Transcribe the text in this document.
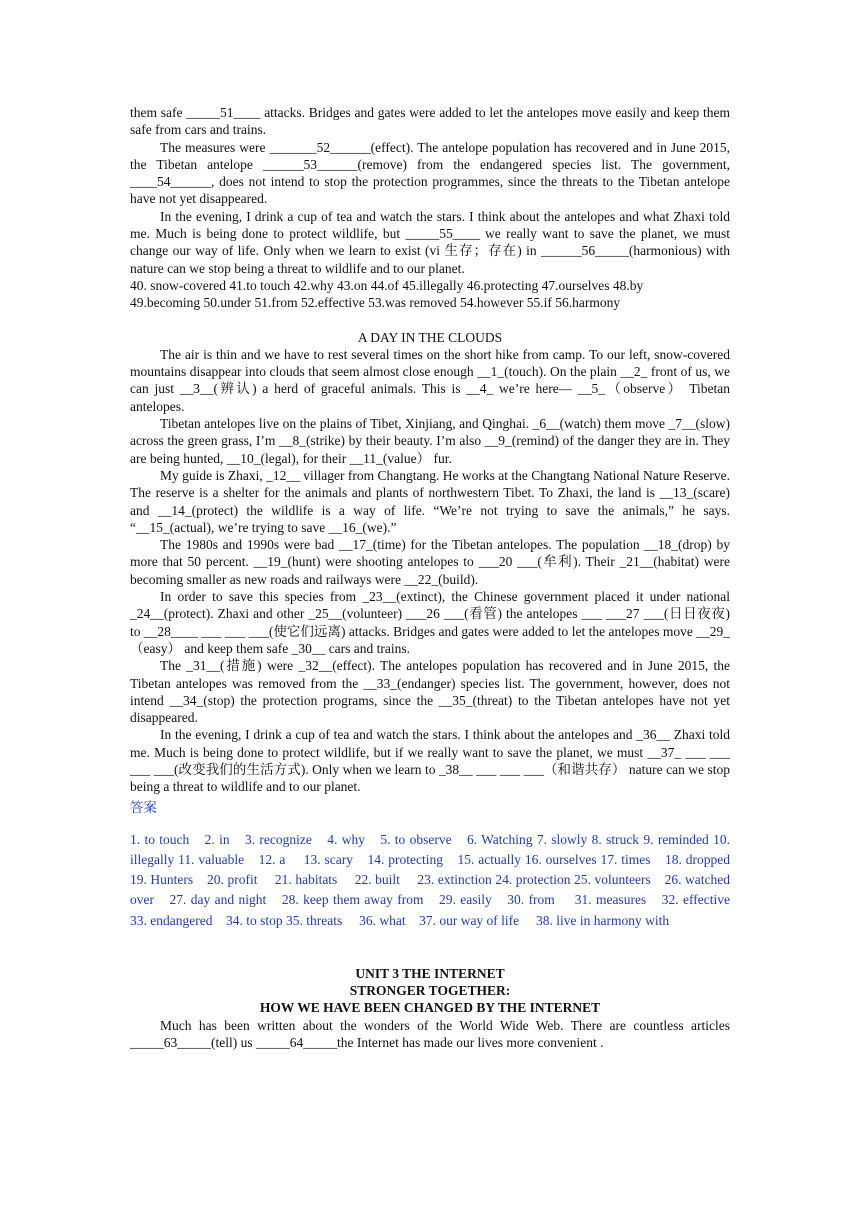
them safe _____51____ attacks. Bridges and gates were added to let the antelopes move easily and keep them safe from cars and trains.

The measures were _______52______(effect). The antelope population has recovered and in June 2015, the Tibetan antelope ______53______(remove) from the endangered species list. The government, ____54______, does not intend to stop the protection programmes, since the threats to the Tibetan antelope have not yet disappeared.

In the evening, I drink a cup of tea and watch the stars. I think about the antelopes and what Zhaxi told me. Much is being done to protect wildlife, but _____55____ we really want to save the planet, we must change our way of life. Only when we learn to exist (vi 生存；存在) in ______56_____(harmonious) with nature can we stop being a threat to wildlife and to our planet.

40. snow-covered 41.to touch 42.why 43.on 44.of 45.illegally 46.protecting 47.ourselves 48.by

49.becoming 50.under 51.from 52.effective 53.was removed 54.however 55.if 56.harmony

A DAY IN THE CLOUDS

The air is thin and we have to rest several times on the short hike from camp. To our left, snow-covered mountains disappear into clouds that seem almost close enough __1_(touch). On the plain __2_ front of us, we can just __3__(辨认) a herd of graceful animals. This is __4_ we’re here— __5_（observe） Tibetan antelopes.

Tibetan antelopes live on the plains of Tibet, Xinjiang, and Qinghai. _6__(watch) them move _7__(slow) across the green grass, I’m __8_(strike) by their beauty. I’m also __9_(remind) of the danger they are in. They are being hunted, __10_(legal), for their __11_(value） fur.

My guide is Zhaxi, _12__ villager from Changtang. He works at the Changtang National Nature Reserve. The reserve is a shelter for the animals and plants of northwestern Tibet. To Zhaxi, the land is __13_(scare) and __14_(protect) the wildlife is a way of life. “We’re not trying to save the animals,” he says. “__15_(actual), we’re trying to save __16_(we).”

The 1980s and 1990s were bad __17_(time) for the Tibetan antelopes. The population __18_(drop) by more that 50 percent. __19_(hunt) were shooting antelopes to ___20 ___(牟利). Their _21__(habitat) were becoming smaller as new roads and railways were __22_(build).

In order to save this species from _23__(extinct), the Chinese government placed it under national _24__(protect). Zhaxi and other _25__(volunteer) ___26 ___(看管) the antelopes ___ ___27 ___(日日夜夜) to __28____ ___ ___ ___(使它们远离) attacks. Bridges and gates were added to let the antelopes move __29_（easy） and keep them safe _30__ cars and trains.

The _31__(措施) were _32__(effect). The antelopes population has recovered and in June 2015, the Tibetan antelopes was removed from the __33_(endanger) species list. The government, however, does not intend __34_(stop) the protection programs, since the __35_(threat) to the Tibetan antelopes have not yet disappeared.

In the evening, I drink a cup of tea and watch the stars. I think about the antelopes and _36__ Zhaxi told me. Much is being done to protect wildlife, but if we really want to save the planet, we must __37_ ___ ___ ___ ___(改变我们的生活方式). Only when we learn to _38__ ___ ___ ___（和谐共存） nature can we stop being a threat to wildlife and to our planet.

答案

1. to touch　2. in　3. recognize　4. why　5. to observe　6. Watching 7. slowly 8. struck 9. reminded 10. illegally 11. valuable　12. a　 13. scary　14. protecting　15. actually 16. ourselves 17. times　18. dropped　19. Hunters　20. profit　 21. habitats　 22. built　 23. extinction 24. protection 25. volunteers　26. watched over　27. day and night　28. keep them away from　29. easily　30. from　 31. measures　32. effective　 33. endangered　34. to stop 35. threats　 36. what　37. our way of life　 38. live in harmony with

UNIT 3 THE INTERNET

STRONGER TOGETHER:

HOW WE HAVE BEEN CHANGED BY THE INTERNET

Much has been written about the wonders of the World Wide Web. There are countless articles _____63_____(tell) us _____64_____the Internet has made our lives more convenient .
